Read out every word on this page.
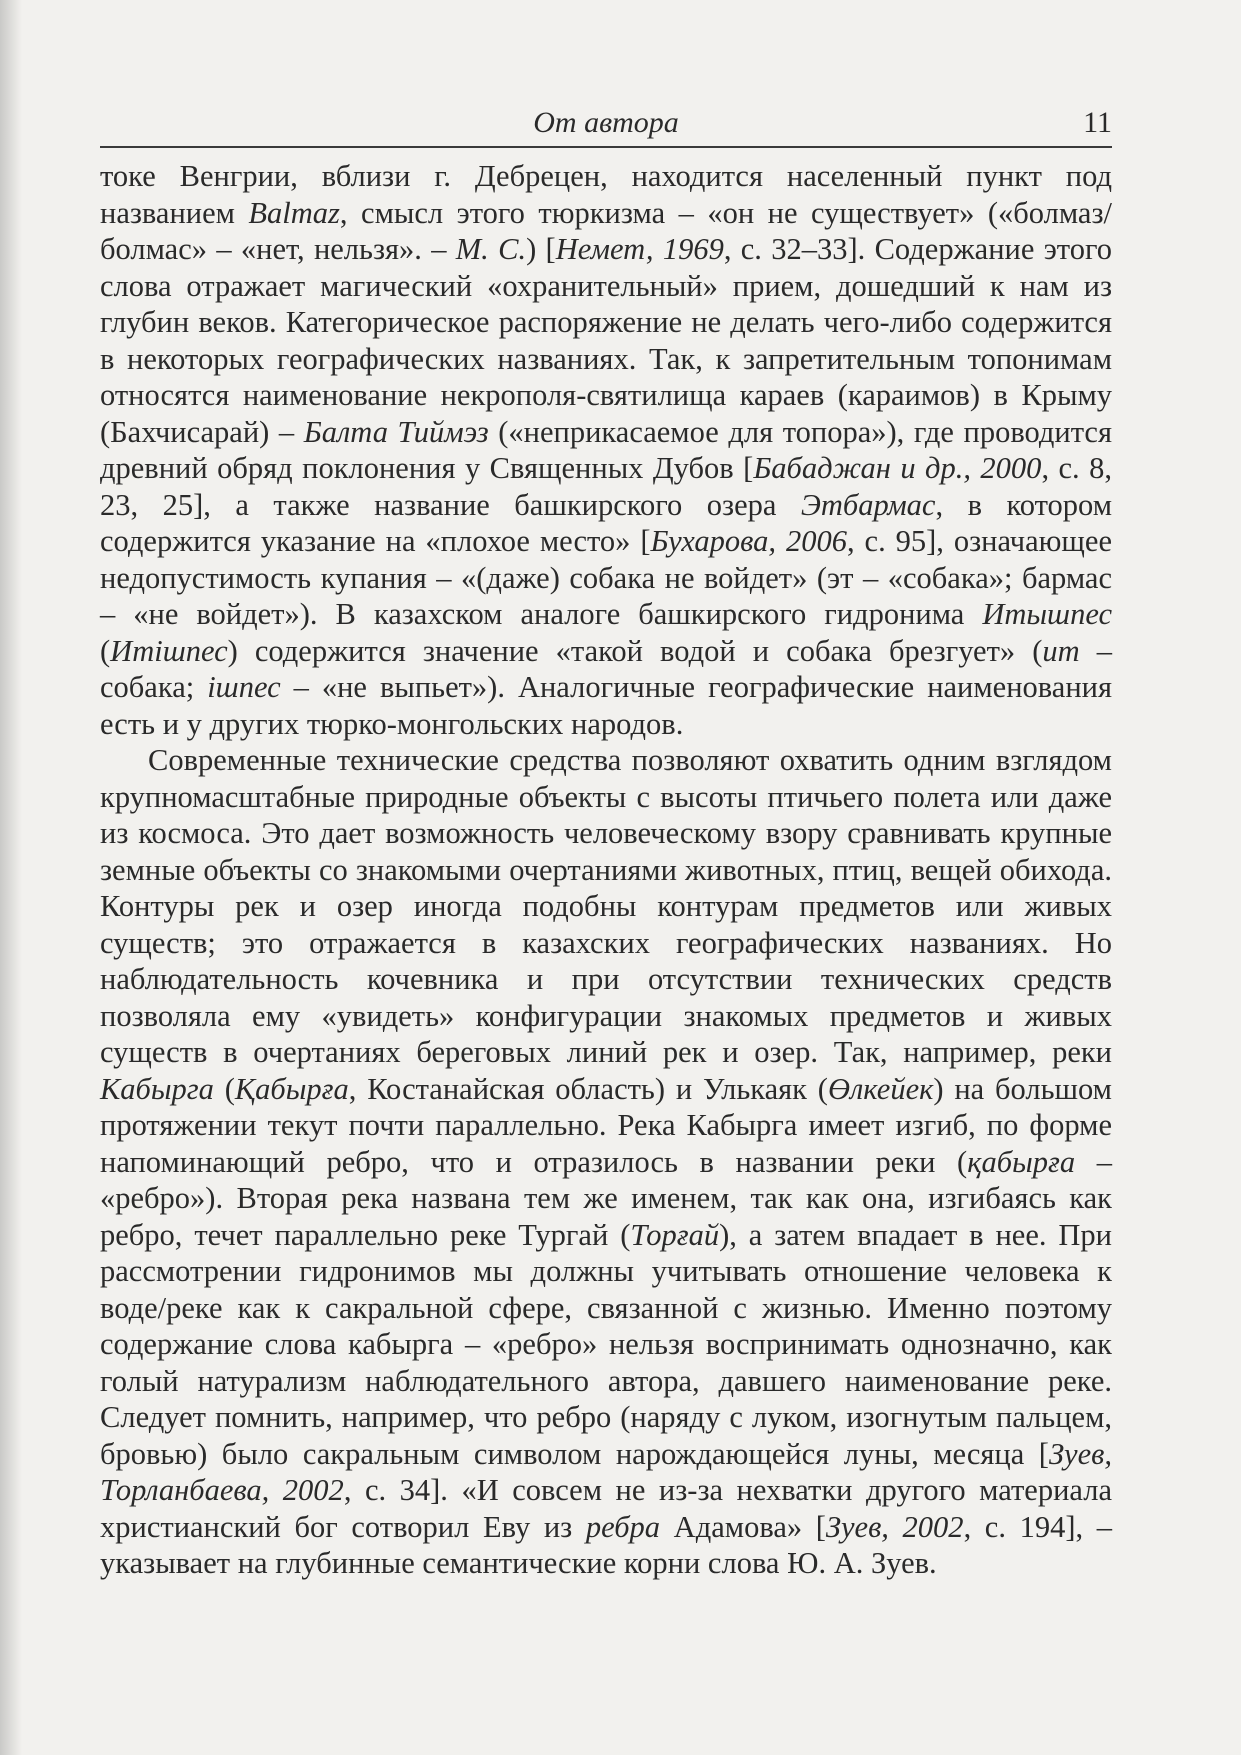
От автора	11

токе Венгрии, вблизи г. Дебрецен, находится населенный пункт под названием Balmaz, смысл этого тюркизма – «он не существует» («болмаз/болмас» – «нет, нельзя». – М. С.) [Немет, 1969, с. 32–33]. Содержание этого слова отражает магический «охранительный» прием, дошедший к нам из глубин веков. Категорическое распоряжение не делать чего-либо содержится в некоторых географических названиях. Так, к запретительным топонимам относятся наименование некрополя-святилища караев (караимов) в Крыму (Бахчисарай) – Балта Тиймэз («неприкасаемое для топора»), где проводится древний обряд поклонения у Священных Дубов [Бабаджан и др., 2000, с. 8, 23, 25], а также название башкирского озера Этбармас, в котором содержится указание на «плохое место» [Бухарова, 2006, с. 95], означающее недопустимость купания – «(даже) собака не войдет» (эт – «собака»; бармас – «не войдет»). В казахском аналоге башкирского гидронима Итышпес (Итішпес) содержится значение «такой водой и собака брезгует» (ит – собака; ішпес – «не выпьет»). Аналогичные географические наименования есть и у других тюрко-монгольских народов.

Современные технические средства позволяют охватить одним взглядом крупномасштабные природные объекты с высоты птичьего полета или даже из космоса. Это дает возможность человеческому взору сравнивать крупные земные объекты со знакомыми очертаниями животных, птиц, вещей обихода. Контуры рек и озер иногда подобны контурам предметов или живых существ; это отражается в казахских географических названиях. Но наблюдательность кочевника и при отсутствии технических средств позволяла ему «увидеть» конфигурации знакомых предметов и живых существ в очертаниях береговых линий рек и озер. Так, например, реки Кабырга (Қабырға, Костанайская область) и Улькаяк (Өлкейек) на большом протяжении текут почти параллельно. Река Кабырга имеет изгиб, по форме напоминающий ребро, что и отразилось в названии реки (қабырға – «ребро»). Вторая река названа тем же именем, так как она, изгибаясь как ребро, течет параллельно реке Тургай (Торғай), а затем впадает в нее. При рассмотрении гидронимов мы должны учитывать отношение человека к воде/реке как к сакральной сфере, связанной с жизнью. Именно поэтому содержание слова кабырга – «ребро» нельзя воспринимать однозначно, как голый натурализм наблюдательного автора, давшего наименование реке. Следует помнить, например, что ребро (наряду с луком, изогнутым пальцем, бровью) было сакральным символом нарождающейся луны, месяца [Зуев, Торланбаева, 2002, с. 34]. «И совсем не из-за нехватки другого материала христианский бог сотворил Еву из ребра Адамова» [Зуев, 2002, с. 194], – указывает на глубинные семантические корни слова Ю. А. Зуев.
